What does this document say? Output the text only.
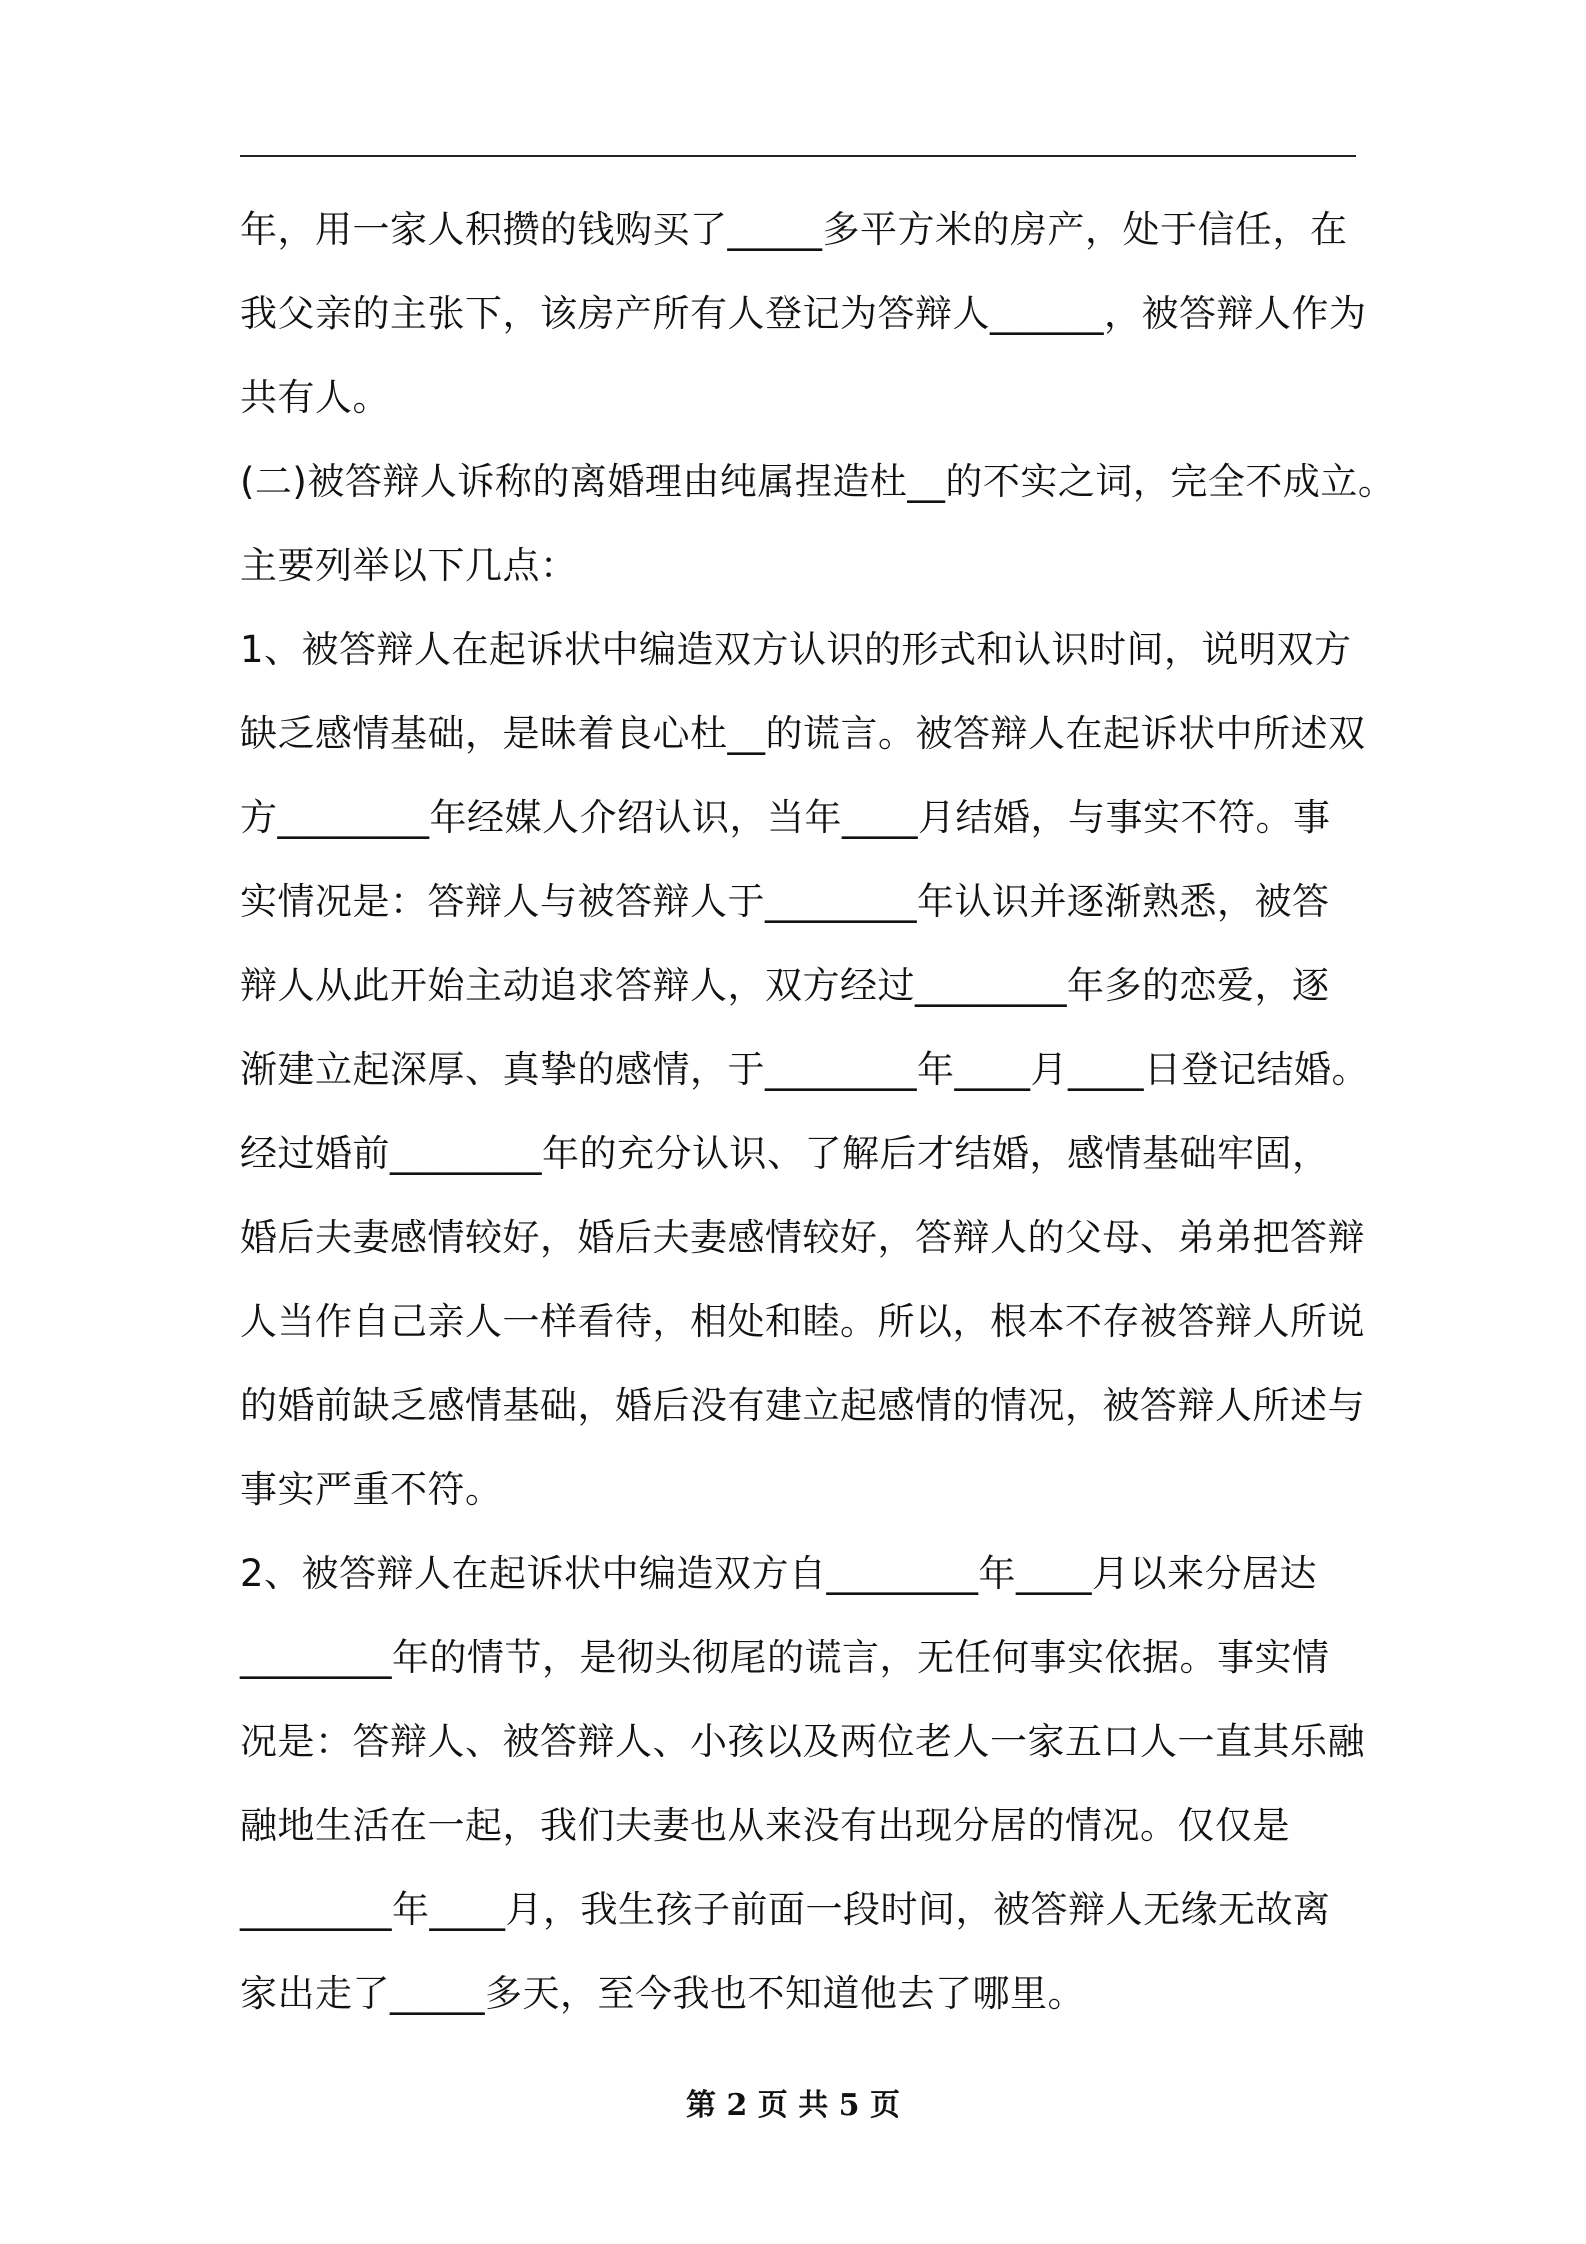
年，用一家人积攒的钱购买了_____多平方米的房产，处于信任，在
我父亲的主张下，该房产所有人登记为答辩人______，被答辩人作为
共有人。
(二)被答辩人诉称的离婚理由纯属捏造杜__的不实之词，完全不成立。
主要列举以下几点：
1、被答辩人在起诉状中编造双方认识的形式和认识时间，说明双方
缺乏感情基础，是昧着良心杜__的谎言。被答辩人在起诉状中所述双
方________年经媒人介绍认识，当年____月结婚，与事实不符。事
实情况是：答辩人与被答辩人于________年认识并逐渐熟悉，被答
辩人从此开始主动追求答辩人，双方经过________年多的恋爱，逐
渐建立起深厚、真挚的感情，于________年____月____日登记结婚。
经过婚前________年的充分认识、了解后才结婚，感情基础牢固，
婚后夫妻感情较好，婚后夫妻感情较好，答辩人的父母、弟弟把答辩
人当作自己亲人一样看待，相处和睦。所以，根本不存被答辩人所说
的婚前缺乏感情基础，婚后没有建立起感情的情况，被答辩人所述与
事实严重不符。
2、被答辩人在起诉状中编造双方自________年____月以来分居达
________年的情节，是彻头彻尾的谎言，无任何事实依据。事实情
况是：答辩人、被答辩人、小孩以及两位老人一家五口人一直其乐融
融地生活在一起，我们夫妻也从来没有出现分居的情况。仅仅是
________年____月，我生孩子前面一段时间，被答辩人无缘无故离
家出走了_____多天，至今我也不知道他去了哪里。
第 2 页 共 5 页
